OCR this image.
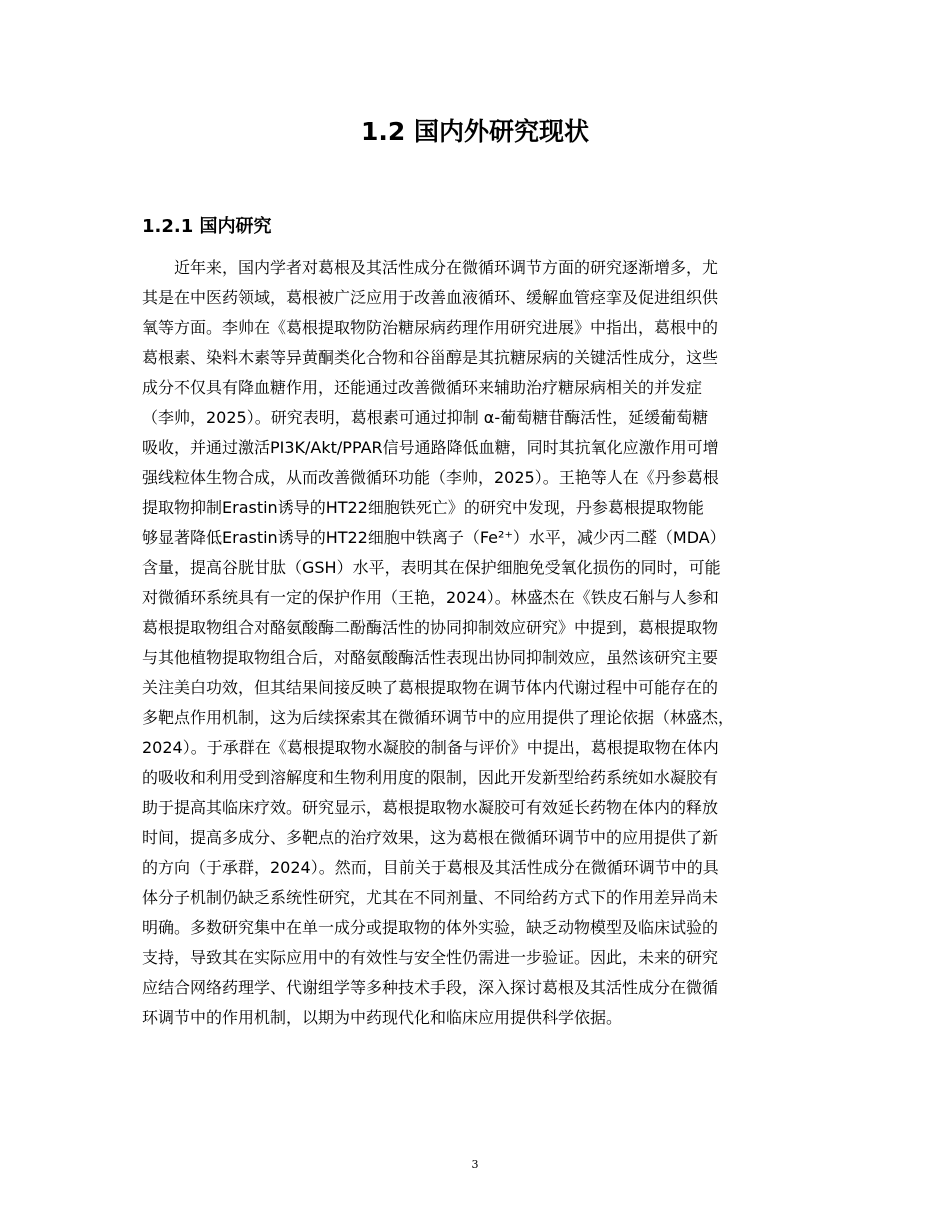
1.2 国内外研究现状
1.2.1 国内研究
　　近年来，国内学者对葛根及其活性成分在微循环调节方面的研究逐渐增多，尤
其是在中医药领域，葛根被广泛应用于改善血液循环、缓解血管痉挛及促进组织供
氧等方面。李帅在《葛根提取物防治糖尿病药理作用研究进展》中指出，葛根中的
葛根素、染料木素等异黄酮类化合物和谷甾醇是其抗糖尿病的关键活性成分，这些
成分不仅具有降血糖作用，还能通过改善微循环来辅助治疗糖尿病相关的并发症
（李帅，2025）。研究表明，葛根素可通过抑制 α-葡萄糖苷酶活性，延缓葡萄糖
吸收，并通过激活PI3K/Akt/PPAR信号通路降低血糖，同时其抗氧化应激作用可增
强线粒体生物合成，从而改善微循环功能（李帅，2025）。王艳等人在《丹参葛根
提取物抑制Erastin诱导的HT22细胞铁死亡》的研究中发现，丹参葛根提取物能
够显著降低Erastin诱导的HT22细胞中铁离子（Fe²⁺）水平，减少丙二醛（MDA）
含量，提高谷胱甘肽（GSH）水平，表明其在保护细胞免受氧化损伤的同时，可能
对微循环系统具有一定的保护作用（王艳，2024）。林盛杰在《铁皮石斛与人参和
葛根提取物组合对酪氨酸酶二酚酶活性的协同抑制效应研究》中提到，葛根提取物
与其他植物提取物组合后，对酪氨酸酶活性表现出协同抑制效应，虽然该研究主要
关注美白功效，但其结果间接反映了葛根提取物在调节体内代谢过程中可能存在的
多靶点作用机制，这为后续探索其在微循环调节中的应用提供了理论依据（林盛杰，
2024）。于承群在《葛根提取物水凝胶的制备与评价》中提出，葛根提取物在体内
的吸收和利用受到溶解度和生物利用度的限制，因此开发新型给药系统如水凝胶有
助于提高其临床疗效。研究显示，葛根提取物水凝胶可有效延长药物在体内的释放
时间，提高多成分、多靶点的治疗效果，这为葛根在微循环调节中的应用提供了新
的方向（于承群，2024）。然而，目前关于葛根及其活性成分在微循环调节中的具
体分子机制仍缺乏系统性研究，尤其在不同剂量、不同给药方式下的作用差异尚未
明确。多数研究集中在单一成分或提取物的体外实验，缺乏动物模型及临床试验的
支持，导致其在实际应用中的有效性与安全性仍需进一步验证。因此，未来的研究
应结合网络药理学、代谢组学等多种技术手段，深入探讨葛根及其活性成分在微循
环调节中的作用机制，以期为中药现代化和临床应用提供科学依据。
3
